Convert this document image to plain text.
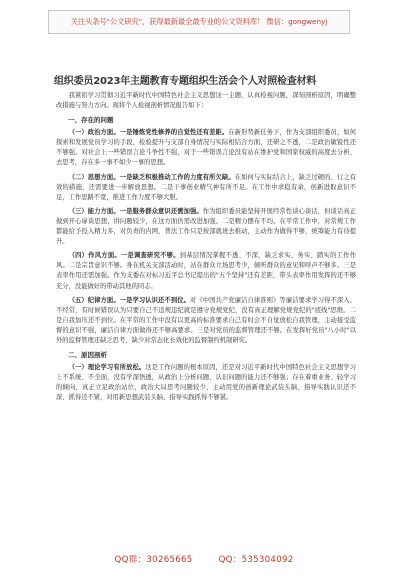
关注头条号"公文研究"，获得最新最全最专业的公文资料库！ 微信：gongwenyj
组织委员2023年主题教育专题组织生活会个人对照检查材料

我紧扣学习贯彻习近平新时代中国特色社会主义思想这一主题，认真检视问题，深刻剖析原因，明确整改措施与努力方向。现将个人检视剖析情况报告如下：

一、存在的问题

（一）政治方面。一是锤炼党性修养的自觉性还有差距。在新形势新任务下，作为支部组织委员，如何探索和发展党员学习的手段、检验提升与支部自身情况与实际相结合方面，还研之不透，二是政治敏锐性还不够强。对社会上一些错误言论斗争性不强，对于一些错误言论没有站在维护党和国家权威的高度去分析、去思考，存在多一事不如少一事的思想。

（二）思想方面。一是缺乏积极推动工作的力度有所欠缺。在如何与实际结合上，缺乏过硬的、行之有效的措施，还需要进一步解放思想。二是干事创业精气神有所不足。在工作中求稳有余，创新进取意识不足，工作思路不宽，推进工作力度不够大胆。

（三）能力方面。一是服务群众意识还需加强。作为组织委员能坚持开展经常性谈心谈话，但谈话真正做到开心扉谈思想、讲问题较少，在这方面仍需改进加强。二是精力摆布不均。在平常工作中，对常规工作都能给予投入精力多，对负责的内网、普法工作只是按部就班去推动，主动作为做得不够，统筹能力有待提升。

（四）作风方面。一是调查研究不够。到基层情况掌握不透、不深，缺乏求实、务实、踏实的工作作风。二是宗旨意识不够。身在机关支部活动时，站在群众立场思考少，倾听群众的意见和呼声不够多。三是表率作用还需加强。作为支委在对标习近平总书记提出的"五个坚持"还有差距，带头表率作用发挥的还不够充分，没能做好的带动其他的同志。

（五）纪律方面。一是学习认识还不到位。对《中国共产党廉洁自律准则》等廉洁要求学习得不深入、不经常，有时候错误认为只要自己不违规违纪就是遵守党规党纪，没有真正理解党规党纪的"底线"思维。二是自我加压还不到位。在平常的工作中没有以更高的标准要求自己有时会不自觉放松自我管理，主动接受监督的意识不强，廉洁自律方面做得还不够高要求。三是对党员的监督管理还不够。在发挥好党员"八小时"以外的监督管理还缺乏思考，缺少对常态化长效化的监督制约机制研究。

二、原因剖析

（一）理论学习有所放松。这是工作问题的根本原因，还是对习近平新时代中国特色社会主义思想学习上不系统、不全面，没有学深悟透，从政治上分析问题、认识问题的能力还不够强；存在着重业务、轻学习的倾向，真正立足政治站位，政治大局思考问题较少，主动用党的创新理论武装头脑、指导实践认识还不深、抓得还不紧，对用新思想武装头脑、指导实践抓得不够紧。

QQ群：30265665	QQ：535304092
